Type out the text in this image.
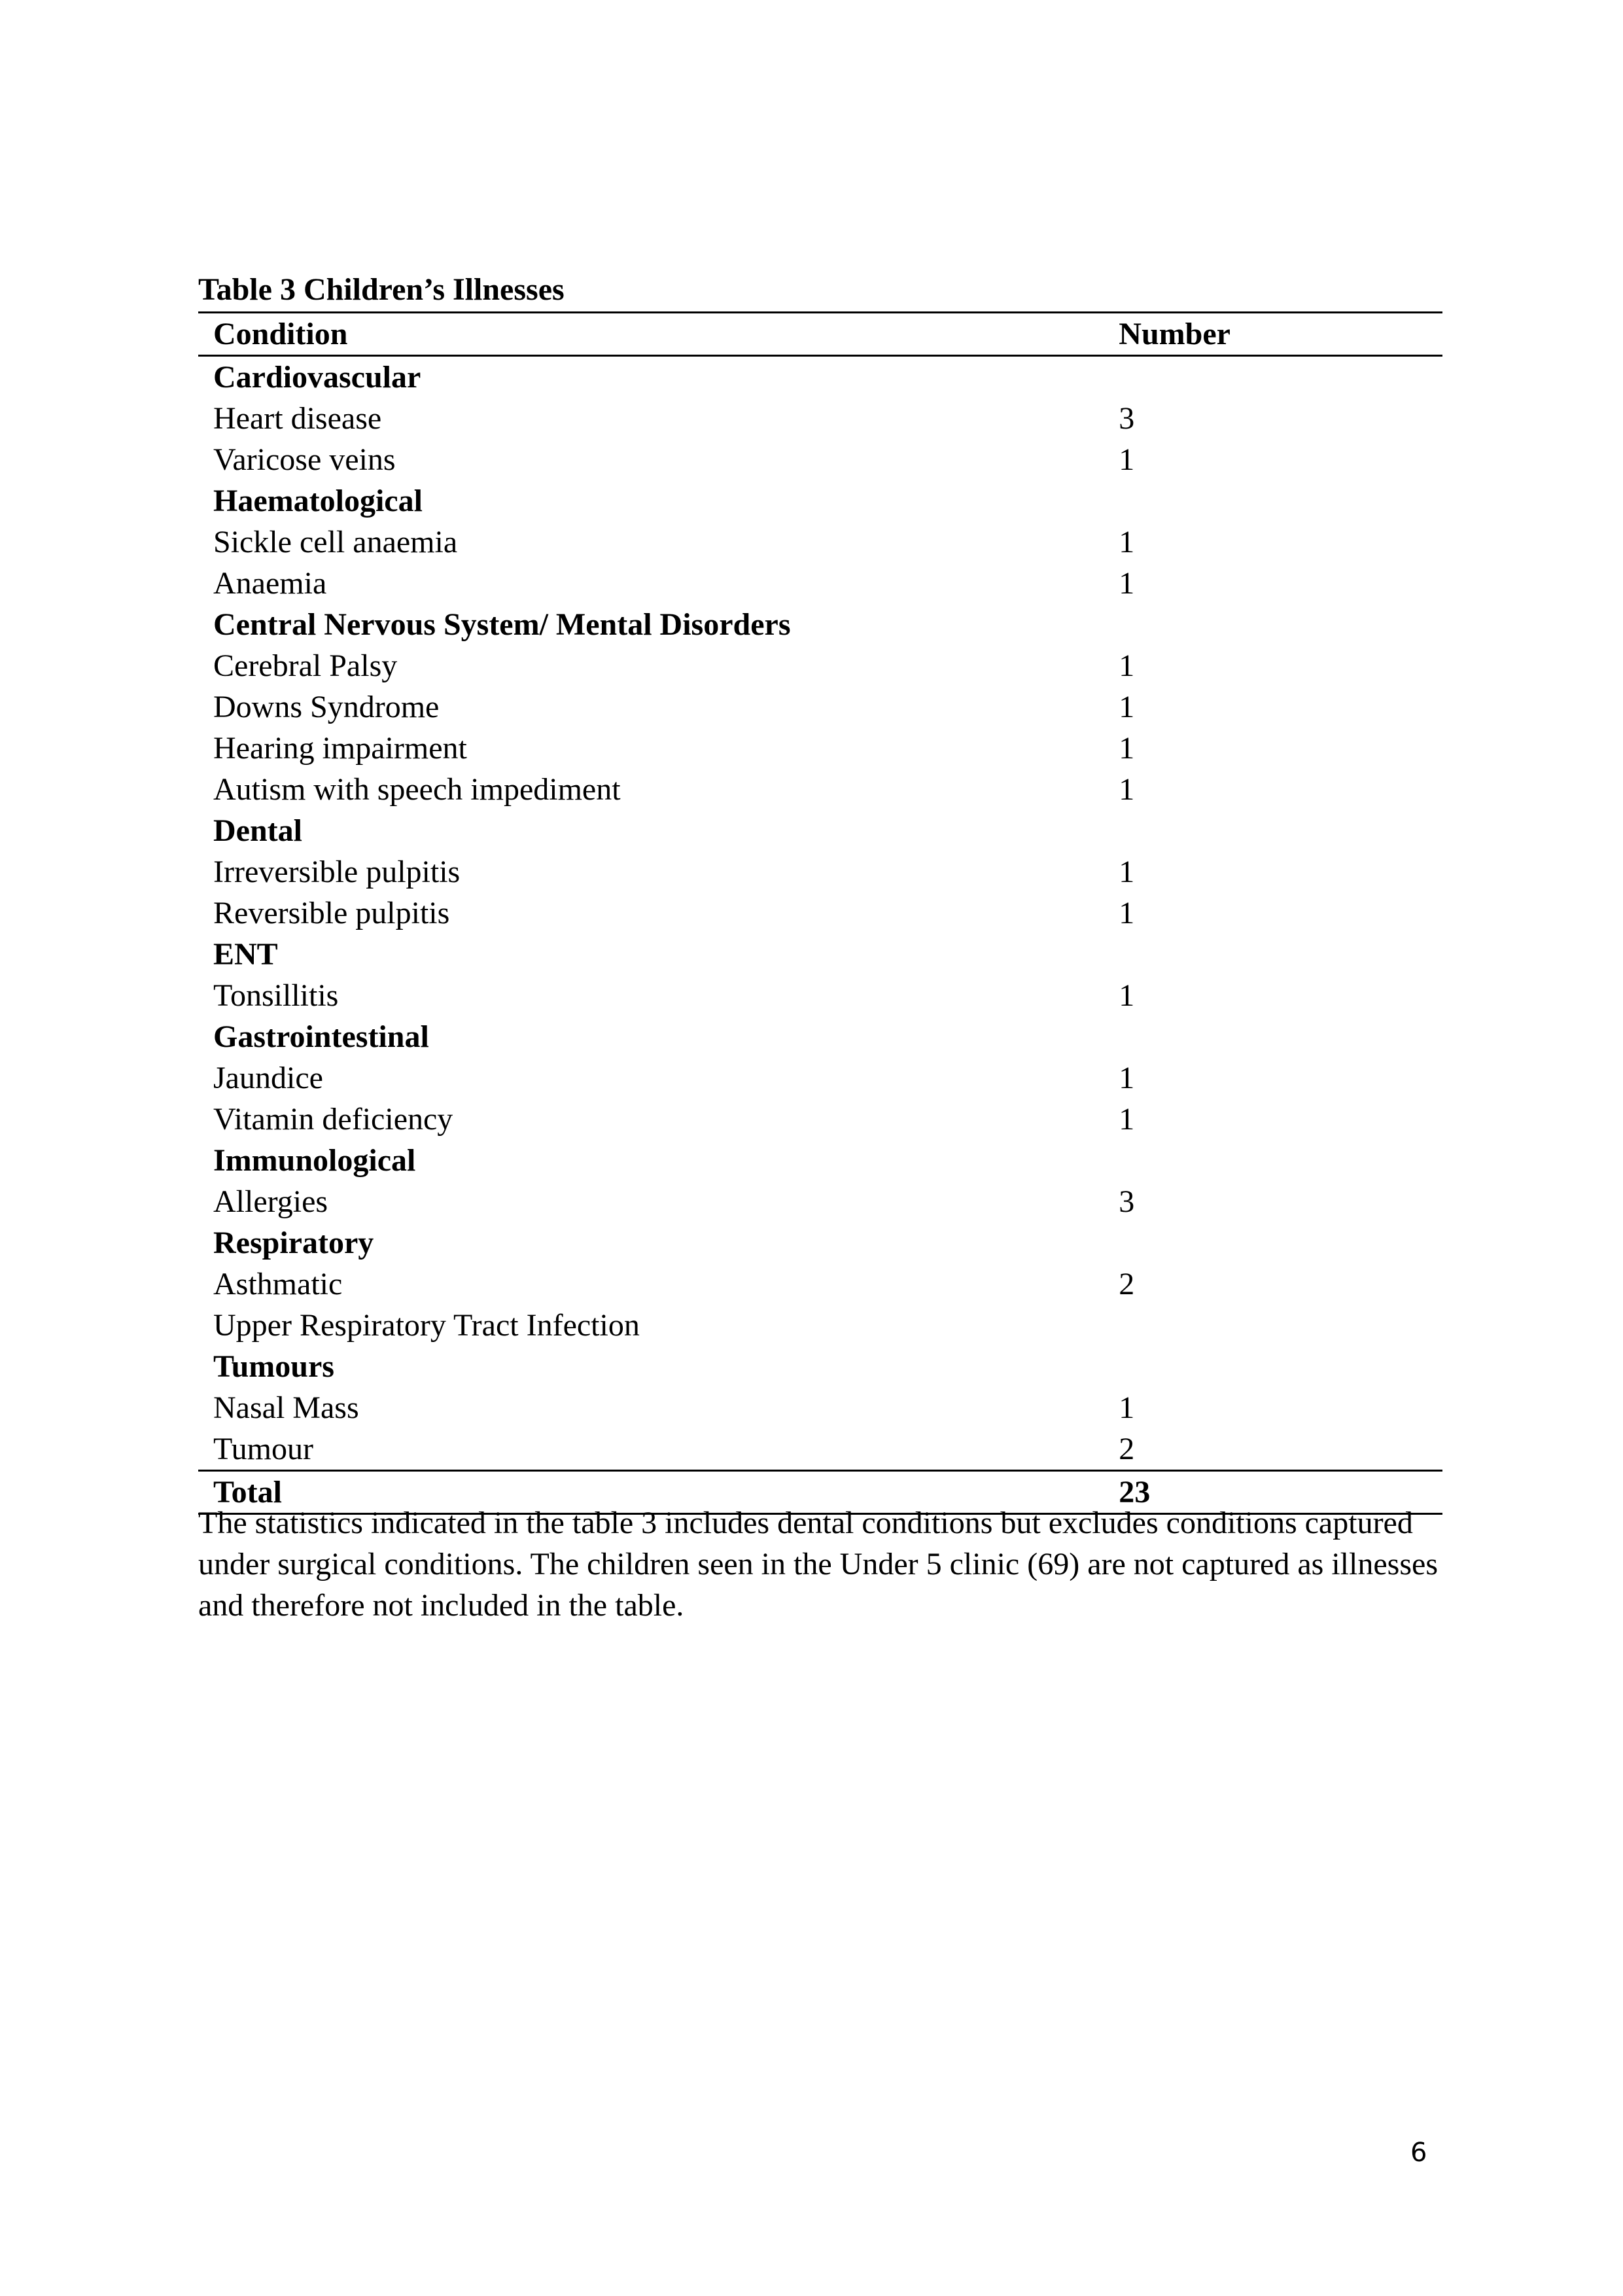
Table 3 Children’s Illnesses
Condition	Number
Cardiovascular	
Heart disease	3
Varicose veins	1
Haematological	
Sickle cell anaemia	1
Anaemia	1
Central Nervous System/ Mental Disorders	
Cerebral Palsy	1
Downs Syndrome	1
Hearing impairment	1
Autism with speech impediment	1
Dental	
Irreversible pulpitis	1
Reversible pulpitis	1
ENT	
Tonsillitis	1
Gastrointestinal	
Jaundice	1
Vitamin deficiency	1
Immunological	
Allergies	3
Respiratory	
Asthmatic	2
Upper Respiratory Tract Infection	
Tumours	
Nasal Mass	1
Tumour	2
Total	23
The statistics indicated in the table 3 includes dental conditions but excludes conditions captured under surgical conditions. The children seen in the Under 5 clinic (69) are not captured as illnesses and therefore not included in the table.
6
